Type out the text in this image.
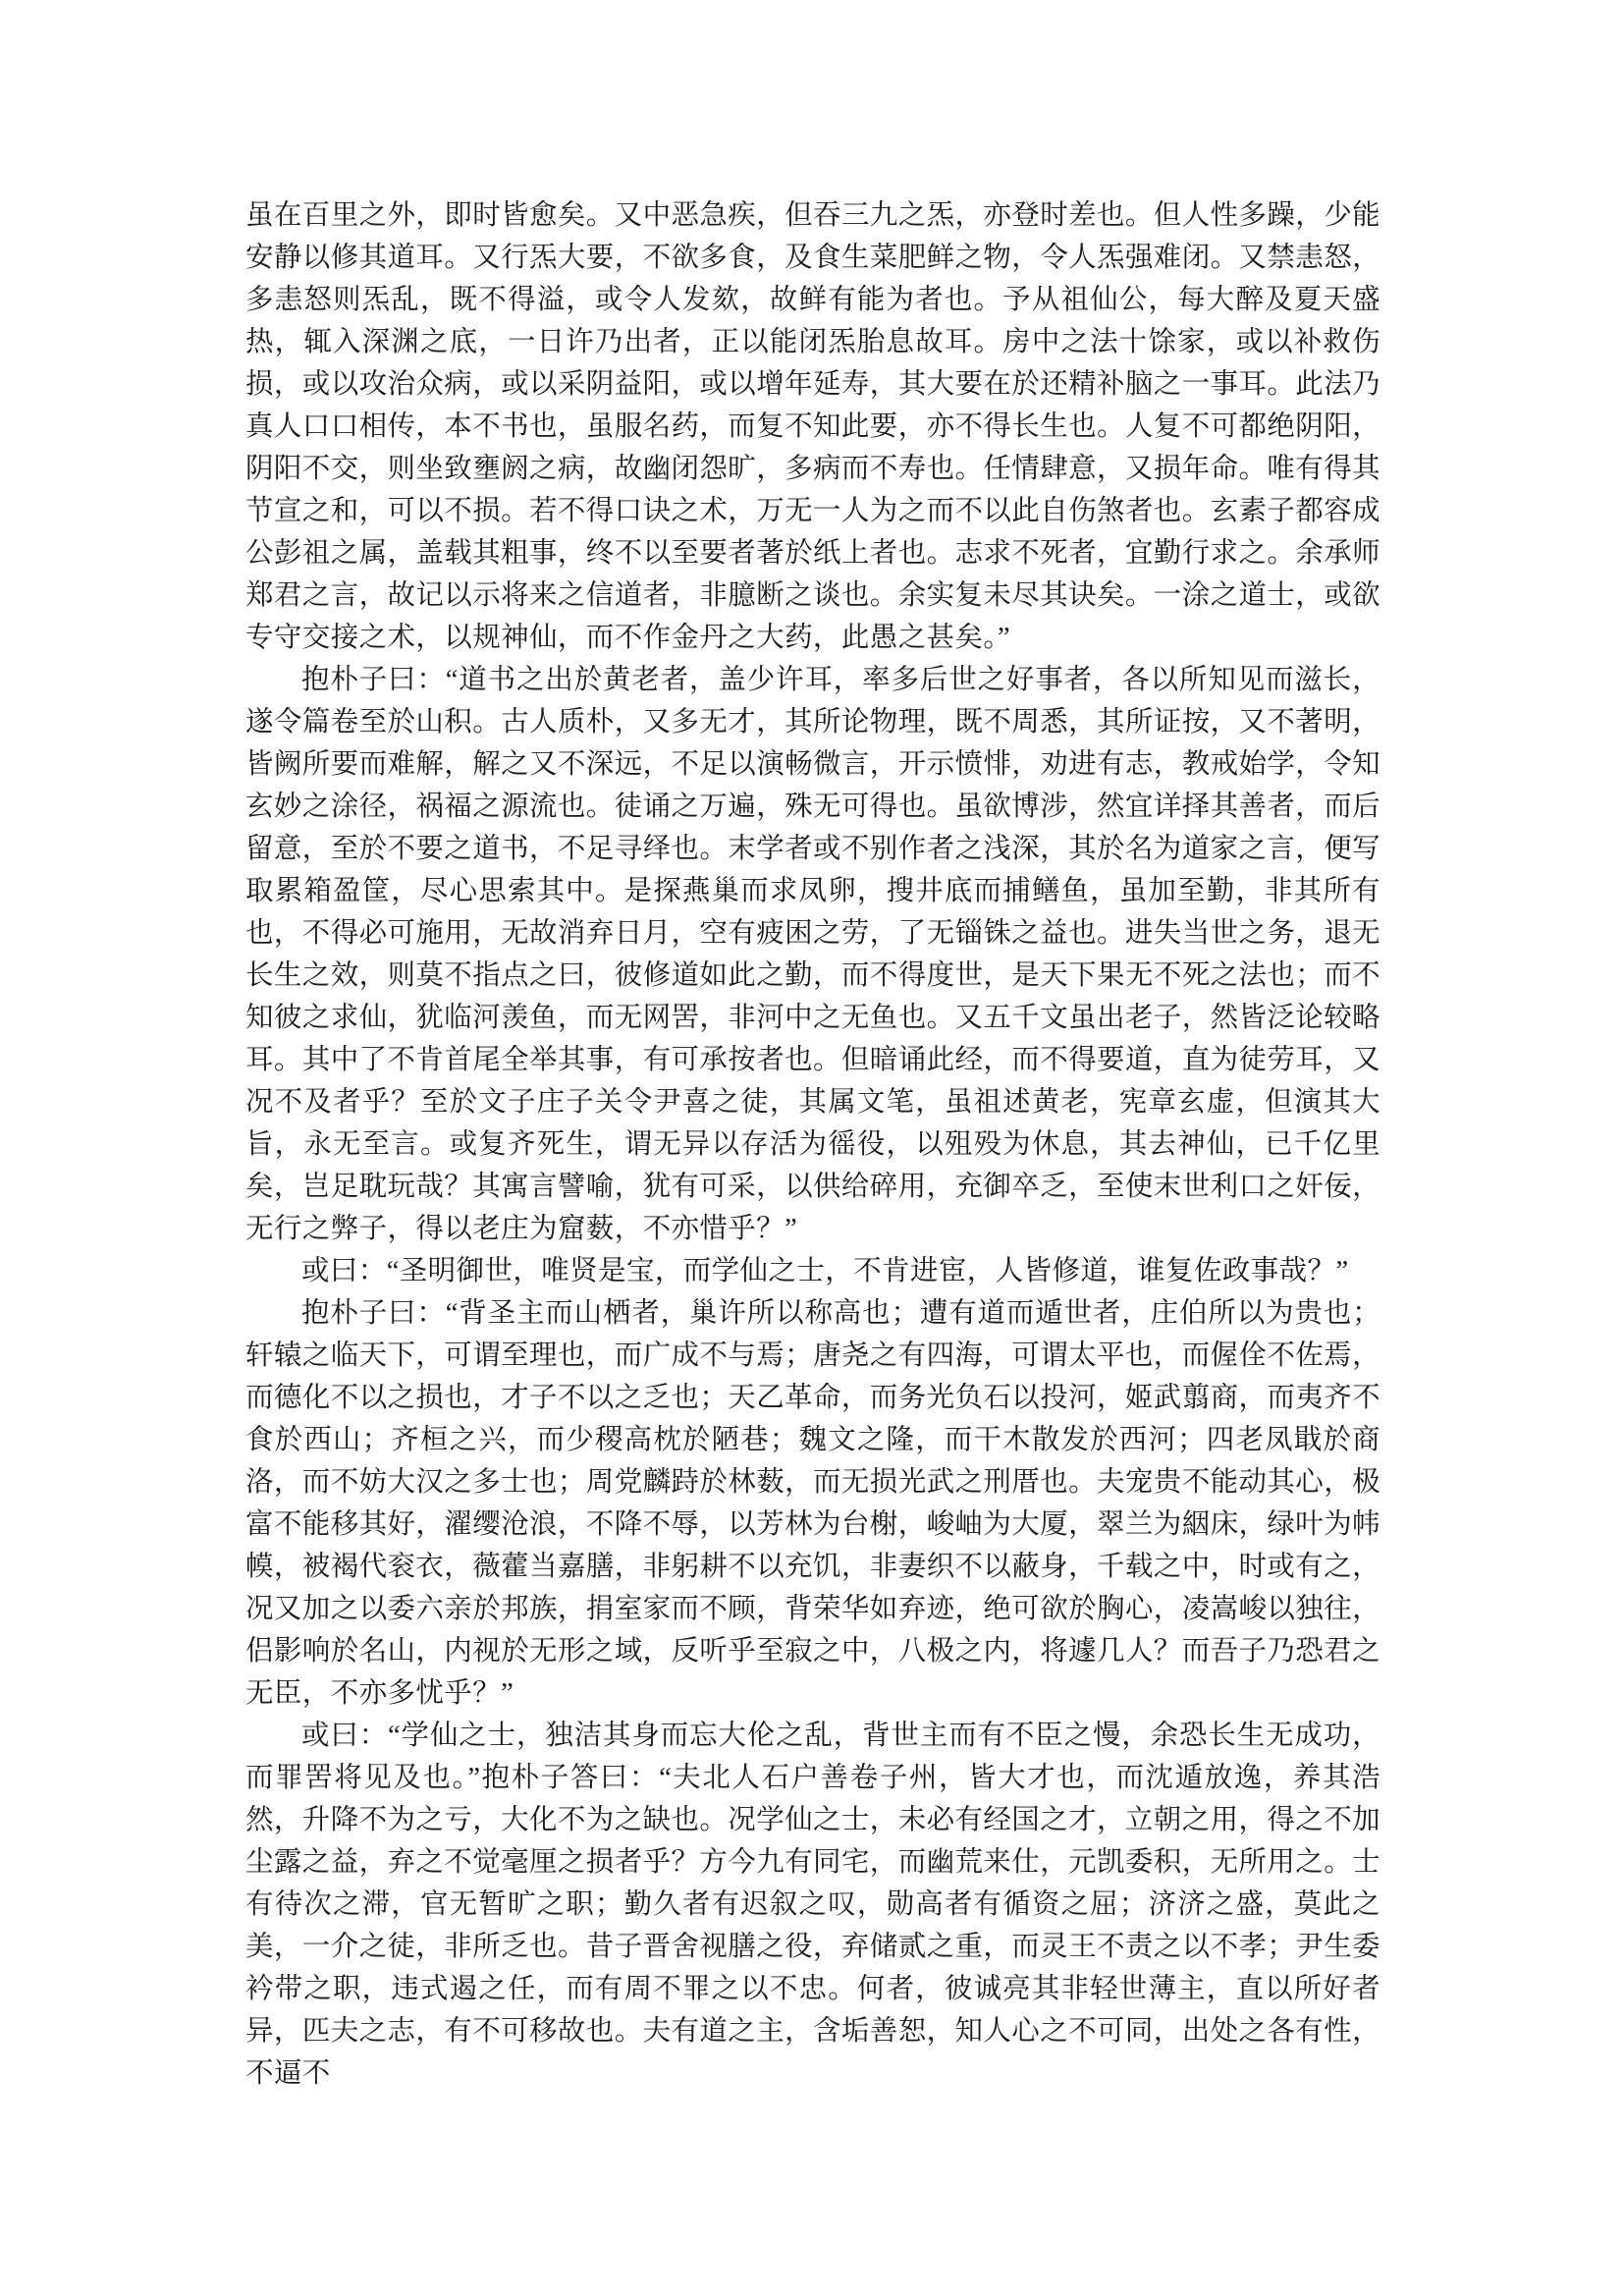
虽在百里之外，即时皆愈矣。又中恶急疾，但吞三九之炁，亦登时差也。但人性多躁，少能安静以修其道耳。又行炁大要，不欲多食，及食生菜肥鲜之物，令人炁强难闭。又禁恚怒，多恚怒则炁乱，既不得溢，或令人发欬，故鲜有能为者也。予从祖仙公，每大醉及夏天盛热，辄入深渊之底，一日许乃出者，正以能闭炁胎息故耳。房中之法十馀家，或以补救伤损，或以攻治众病，或以采阴益阳，或以增年延寿，其大要在於还精补脑之一事耳。此法乃真人口口相传，本不书也，虽服名药，而复不知此要，亦不得长生也。人复不可都绝阴阳，阴阳不交，则坐致壅阏之病，故幽闭怨旷，多病而不寿也。任情肆意，又损年命。唯有得其节宣之和，可以不损。若不得口诀之术，万无一人为之而不以此自伤煞者也。玄素子都容成公彭祖之属，盖载其粗事，终不以至要者著於纸上者也。志求不死者，宜勤行求之。余承师郑君之言，故记以示将来之信道者，非臆断之谈也。余实复未尽其诀矣。一涂之道士，或欲专守交接之术，以规神仙，而不作金丹之大药，此愚之甚矣。”

抱朴子曰：“道书之出於黄老者，盖少许耳，率多后世之好事者，各以所知见而滋长，遂令篇卷至於山积。古人质朴，又多无才，其所论物理，既不周悉，其所证按，又不著明，皆阙所要而难解，解之又不深远，不足以演畅微言，开示愤悱，劝进有志，教戒始学，令知玄妙之涂径，祸福之源流也。徒诵之万遍，殊无可得也。虽欲博涉，然宜详择其善者，而后留意，至於不要之道书，不足寻绎也。末学者或不别作者之浅深，其於名为道家之言，便写取累箱盈筐，尽心思索其中。是探燕巢而求凤卵，搜井底而捕鳝鱼，虽加至勤，非其所有也，不得必可施用，无故消弃日月，空有疲困之劳，了无锱铢之益也。进失当世之务，退无长生之效，则莫不指点之曰，彼修道如此之勤，而不得度世，是天下果无不死之法也；而不知彼之求仙，犹临河羡鱼，而无网罟，非河中之无鱼也。又五千文虽出老子，然皆泛论较略耳。其中了不肯首尾全举其事，有可承按者也。但暗诵此经，而不得要道，直为徒劳耳，又况不及者乎？至於文子庄子关令尹喜之徒，其属文笔，虽祖述黄老，宪章玄虚，但演其大旨，永无至言。或复齐死生，谓无异以存活为徭役，以殂殁为休息，其去神仙，已千亿里矣，岂足耽玩哉？其寓言譬喻，犹有可采，以供给碎用，充御卒乏，至使末世利口之奸佞，无行之弊子，得以老庄为窟薮，不亦惜乎？”

或曰：“圣明御世，唯贤是宝，而学仙之士，不肯进宦，人皆修道，谁复佐政事哉？”

抱朴子曰：“背圣主而山栖者，巢许所以称高也；遭有道而遁世者，庄伯所以为贵也；轩辕之临天下，可谓至理也，而广成不与焉；唐尧之有四海，可谓太平也，而偓佺不佐焉，而德化不以之损也，才子不以之乏也；天乙革命，而务光负石以投河，姬武翦商，而夷齐不食於西山；齐桓之兴，而少稷高枕於陋巷；魏文之隆，而干木散发於西河；四老凤戢於商洛，而不妨大汉之多士也；周党麟跱於林薮，而无损光武之刑厝也。夫宠贵不能动其心，极富不能移其好，濯缨沧浪，不降不辱，以芳林为台榭，峻岫为大厦，翠兰为絪床，绿叶为帏幙，被褐代衮衣，薇藿当嘉膳，非躬耕不以充饥，非妻织不以蔽身，千载之中，时或有之，况又加之以委六亲於邦族，捐室家而不顾，背荣华如弃迹，绝可欲於胸心，凌嵩峻以独往，侣影响於名山，内视於无形之域，反听乎至寂之中，八极之内，将遽几人？而吾子乃恐君之无臣，不亦多忧乎？”

或曰：“学仙之士，独洁其身而忘大伦之乱，背世主而有不臣之慢，余恐长生无成功，而罪罟将见及也。”抱朴子答曰：“夫北人石户善卷子州，皆大才也，而沈遁放逸，养其浩然，升降不为之亏，大化不为之缺也。况学仙之士，未必有经国之才，立朝之用，得之不加尘露之益，弃之不觉毫厘之损者乎？方今九有同宅，而幽荒来仕，元凯委积，无所用之。士有待次之滞，官无暂旷之职；勤久者有迟叙之叹，勋高者有循资之屈；济济之盛，莫此之美，一介之徒，非所乏也。昔子晋舍视膳之役，弃储贰之重，而灵王不责之以不孝；尹生委衿带之职，违式遏之任，而有周不罪之以不忠。何者，彼诚亮其非轻世薄主，直以所好者异，匹夫之志，有不可移故也。夫有道之主，含垢善恕，知人心之不可同，出处之各有性，不逼不
